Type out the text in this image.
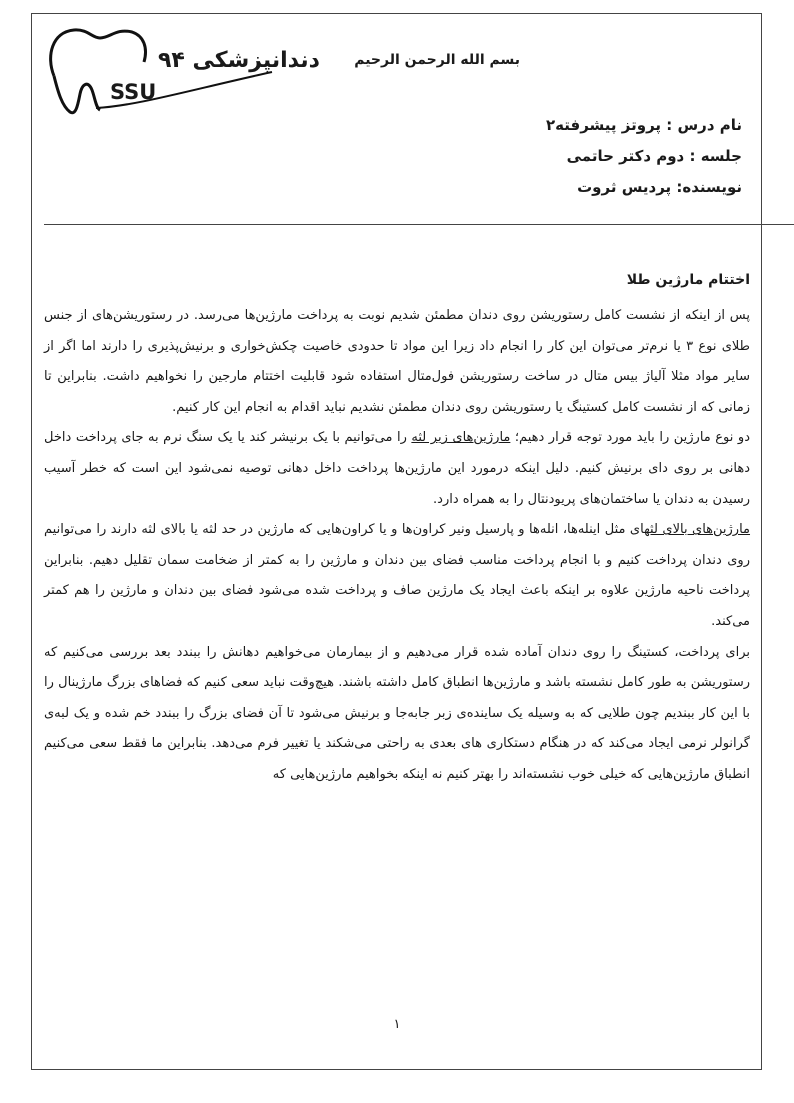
دندانپزشکی ۹۴
SSU
بسم الله الرحمن الرحیم
نام درس : پروتز پیشرفته۲
جلسه : دوم دکتر حاتمی
نویسنده: پردیس ثروت
اختتام مارژین طلا

پس از اینکه از نشست کامل رستوریشن روی دندان مطمئن شدیم نوبت به پرداخت مارژین‌ها می‌رسد. در رستوریشن‌های از جنس طلای نوع ۳ یا نرم‌تر می‌توان این کار را انجام داد زیرا این مواد تا حدودی خاصیت چکش‌خواری و برنیش‌پذیری را دارند اما اگر از سایر مواد مثلا آلیاژ بیس متال در ساخت رستوریشن فول‌متال استفاده شود قابلیت اختتام مارجین را نخواهیم داشت. بنابراین تا زمانی که از نشست کامل کستینگ یا رستوریشن روی دندان مطمئن نشدیم نباید اقدام به انجام این کار کنیم.

دو نوع مارژین را باید مورد توجه قرار دهیم؛ مارژین‌های زیر لثه را می‌توانیم با یک برنیشر کند یا یک سنگ نرم به جای پرداخت داخل دهانی بر روی دای برنیش کنیم. دلیل اینکه درمورد این مارژین‌ها پرداخت داخل دهانی توصیه نمی‌شود این است که خطر آسیب رسیدن به دندان یا ساختمان‌های پریودنتال را به همراه دارد.

مارژین‌های بالای لثهای مثل اینله‌ها، انله‌ها و پارسیل ونیر کراون‌ها و یا کراون‌هایی که مارژین در حد لثه یا بالای لثه دارند را می‌توانیم روی دندان پرداخت کنیم و با انجام پرداخت مناسب فضای بین دندان و مارژین را به کمتر از ضخامت سمان تقلیل دهیم. بنابراین پرداخت ناحیه مارژین علاوه بر اینکه باعث ایجاد یک مارژین صاف و پرداخت شده می‌شود فضای بین دندان و مارژین را هم کمتر می‌کند.

برای پرداخت، کستینگ را روی دندان آماده شده قرار می‌دهیم و از بیمارمان می‌خواهیم دهانش را ببندد بعد بررسی می‌کنیم که رستوریشن به طور کامل نشسته باشد و مارژین‌ها انطباق کامل داشته باشند. هیچ‌وقت نباید سعی کنیم که فضاهای بزرگ مارژینال را با این کار ببندیم چون طلایی که به وسیله یک ساینده‌ی زبر جابه‌جا و برنیش می‌شود تا آن فضای بزرگ را ببندد خم شده و یک لبه‌ی گرانولر نرمی ایجاد می‌کند که در هنگام دستکاری های بعدی به راحتی می‌شکند یا تغییر فرم می‌دهد. بنابراین ما فقط سعی می‌کنیم انطباق مارژین‌هایی که خیلی خوب نشسته‌اند را بهتر کنیم نه اینکه بخواهیم مارژین‌هایی که

۱
